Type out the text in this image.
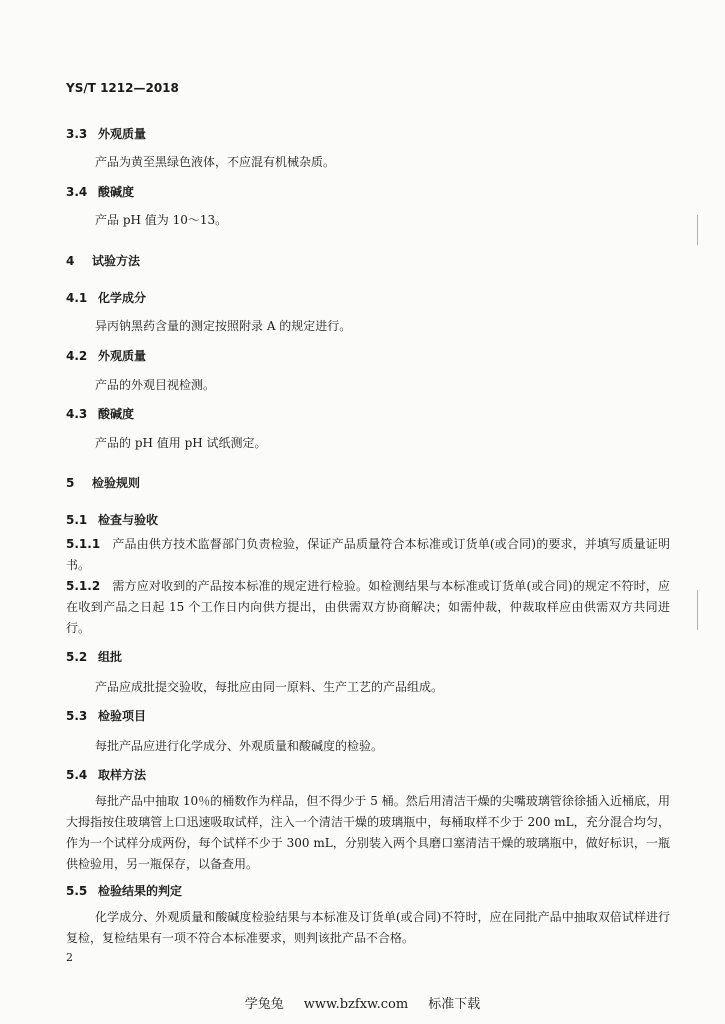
YS/T 1212—2018
3.3 外观质量
产品为黄至黑绿色液体，不应混有机械杂质。
3.4 酸碱度
产品 pH 值为 10～13。
4 试验方法
4.1 化学成分
异丙钠黑药含量的测定按照附录 A 的规定进行。
4.2 外观质量
产品的外观目视检测。
4.3 酸碱度
产品的 pH 值用 pH 试纸测定。
5 检验规则
5.1 检查与验收
5.1.1 产品由供方技术监督部门负责检验，保证产品质量符合本标准或订货单(或合同)的要求，并填写质量证明书。
5.1.2 需方应对收到的产品按本标准的规定进行检验。如检测结果与本标准或订货单(或合同)的规定不符时，应在收到产品之日起 15 个工作日内向供方提出，由供需双方协商解决；如需仲裁，仲裁取样应由供需双方共同进行。
5.2 组批
产品应成批提交验收，每批应由同一原料、生产工艺的产品组成。
5.3 检验项目
每批产品应进行化学成分、外观质量和酸碱度的检验。
5.4 取样方法
每批产品中抽取 10％的桶数作为样品，但不得少于 5 桶。然后用清洁干燥的尖嘴玻璃管徐徐插入近桶底，用大拇指按住玻璃管上口迅速吸取试样，注入一个清洁干燥的玻璃瓶中，每桶取样不少于 200 mL，充分混合均匀，作为一个试样分成两份，每个试样不少于 300 mL，分别装入两个具磨口塞清洁干燥的玻璃瓶中，做好标识，一瓶供检验用，另一瓶保存，以备查用。
5.5 检验结果的判定
化学成分、外观质量和酸碱度检验结果与本标准及订货单(或合同)不符时，应在同批产品中抽取双倍试样进行复检，复检结果有一项不符合本标准要求，则判该批产品不合格。
2
学兔兔 www.bzfxw.com 标准下载
